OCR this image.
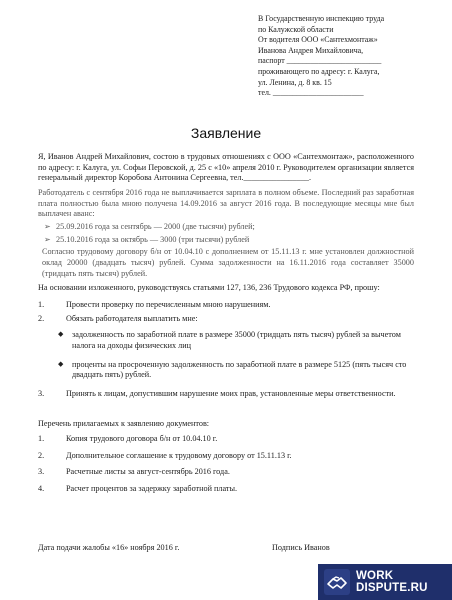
В Государственную инспекцию труда
по Калужской области
От водителя ООО «Сантехмонтаж»
Иванова Андрея Михайловича,
паспорт ________________________
проживающего по адресу: г. Калуга,
ул. Ленина, д. 8 кв. 15
тел. _______________________
Заявление

Я, Иванов Андрей Михайлович, состою в трудовых отношениях с ООО «Сантехмонтаж», расположенного по адресу: г. Калуга, ул. Софьи Перовской, д. 25 с «10» апреля 2010 г. Руководителем организации является генеральный директор Коробова Антонина Сергеевна, тел.________________.

Работодатель с сентября 2016 года не выплачивается зарплата в полном объеме. Последний раз заработная плата полностью была мною получена 14.09.2016 за август 2016 года. В последующие месяцы мне был выплачен аванс:

➢ 25.09.2016 года за сентябрь — 2000 (две тысячи) рублей;
➢ 25.10.2016 года за октябрь — 3000 (три тысячи) рублей

Согласно трудовому договору б/н от 10.04.10 с дополнением от 15.11.13 г. мне установлен должностной оклад 20000 (двадцать тысяч) рублей. Сумма задолженности на 16.11.2016 года составляет 35000 (тридцать пять тысяч) рублей.

На основании изложенного, руководствуясь статьями 127, 136, 236 Трудового кодекса РФ, прошу:

1.	Провести проверку по перечисленным мною нарушениям.
2.	Обязать работодателя выплатить мне:
◆ задолженность по заработной плате в размере 35000 (тридцать пять тысяч) рублей за вычетом налога на доходы физических лиц
◆ проценты на просроченную задолженность по заработной плате в размере 5125 (пять тысяч сто двадцать пять) рублей.
3.	Принять к лицам, допустившим нарушение моих прав, установленные меры ответственности.
Перечень прилагаемых к заявлению документов:
1.	Копия трудового договора б/н от 10.04.10 г.
2.	Дополнительное соглашение к трудовому договору от 15.11.13 г.
3.	Расчетные листы за август-сентябрь 2016 года.
4.	Расчет процентов за задержку заработной платы.
Дата подачи жалобы «16» ноября 2016 г.	Подпись Иванов
WORK
DISPUTE.RU
